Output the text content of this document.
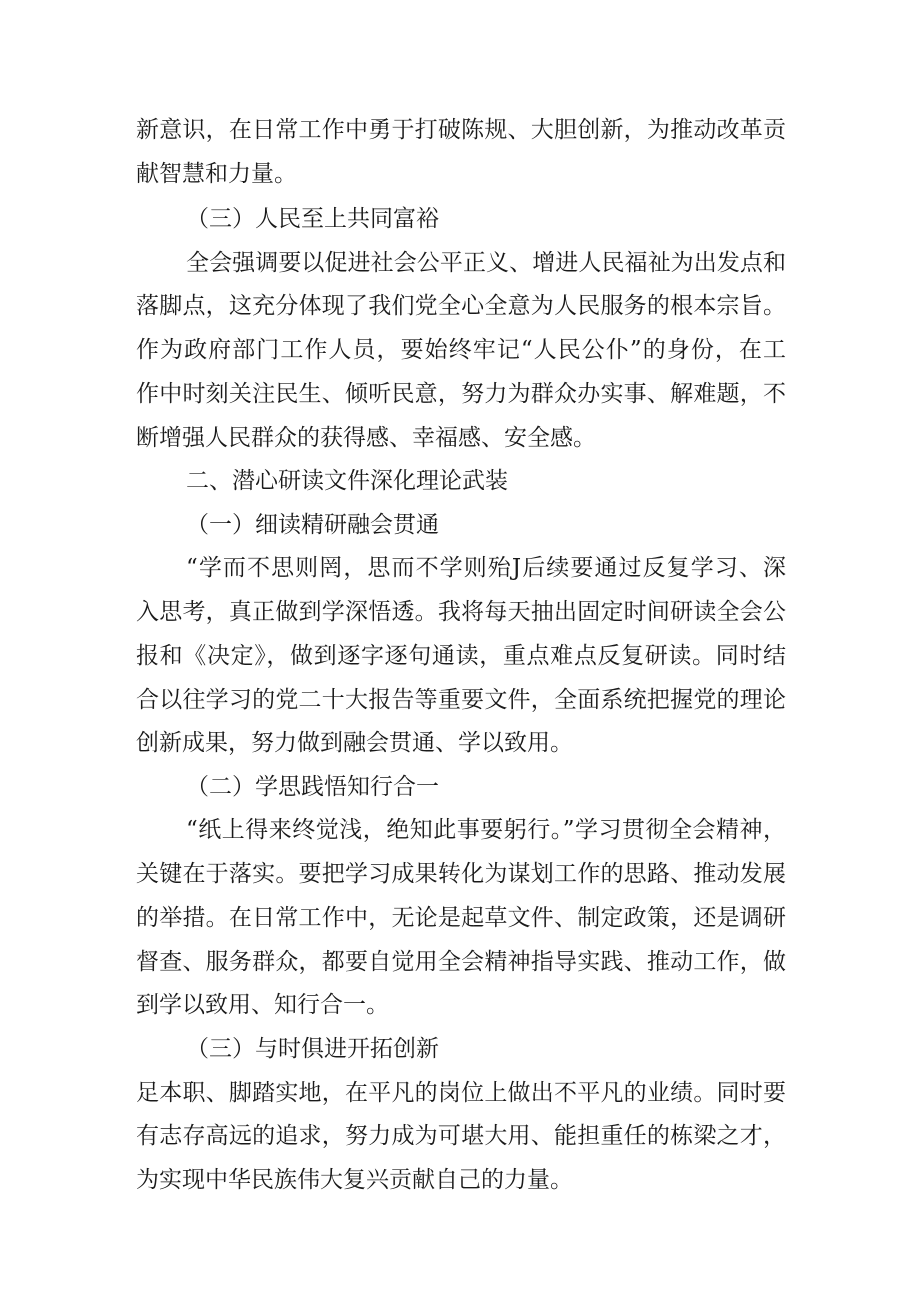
新意识，在日常工作中勇于打破陈规、大胆创新，为推动改革贡
献智慧和力量。
（三）人民至上共同富裕
全会强调要以促进社会公平正义、增进人民福祉为出发点和
落脚点，这充分体现了我们党全心全意为人民服务的根本宗旨。
作为政府部门工作人员，要始终牢记“人民公仆”的身份，在工
作中时刻关注民生、倾听民意，努力为群众办实事、解难题，不
断增强人民群众的获得感、幸福感、安全感。
二、潜心研读文件深化理论武装
（一）细读精研融会贯通
“学而不思则罔，思而不学则殆J后续要通过反复学习、深
入思考，真正做到学深悟透。我将每天抽出固定时间研读全会公
报和《决定》，做到逐字逐句通读，重点难点反复研读。同时结
合以往学习的党二十大报告等重要文件，全面系统把握党的理论
创新成果，努力做到融会贯通、学以致用。
（二）学思践悟知行合一
“纸上得来终觉浅，绝知此事要躬行。”学习贯彻全会精神，
关键在于落实。要把学习成果转化为谋划工作的思路、推动发展
的举措。在日常工作中，无论是起草文件、制定政策，还是调研
督查、服务群众，都要自觉用全会精神指导实践、推动工作，做
到学以致用、知行合一。
（三）与时俱进开拓创新
足本职、脚踏实地，在平凡的岗位上做出不平凡的业绩。同时要
有志存高远的追求，努力成为可堪大用、能担重任的栋梁之才，
为实现中华民族伟大复兴贡献自己的力量。
